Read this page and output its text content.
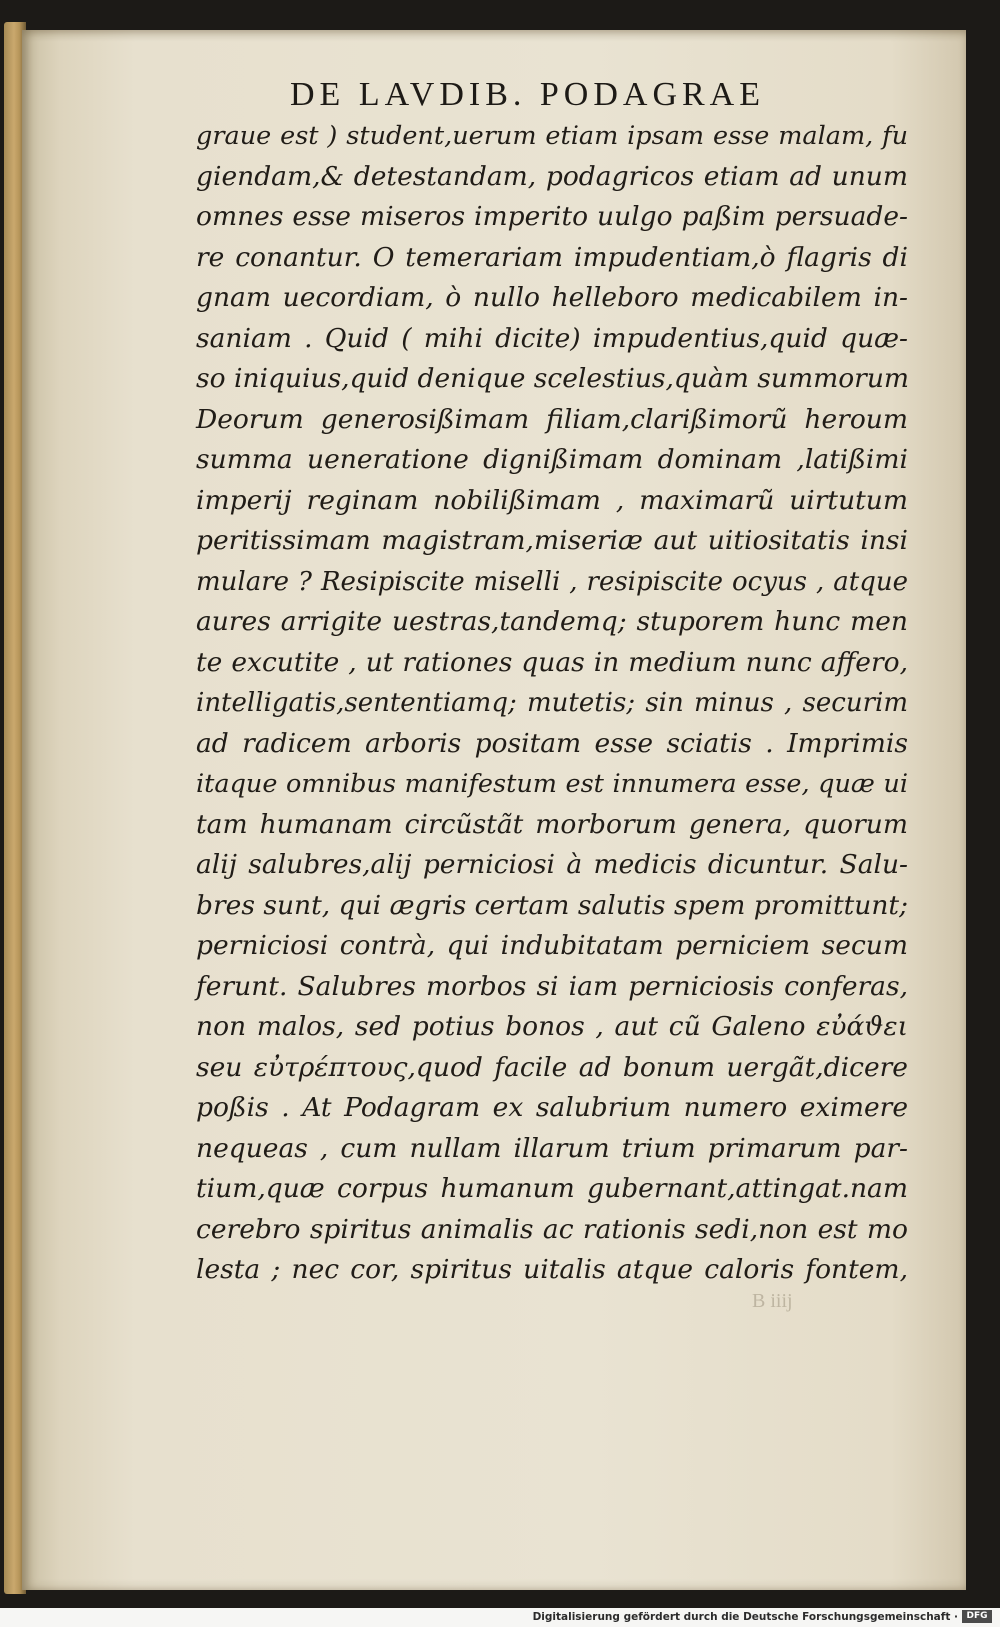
DE LAVDIB. PODAGRAE
graue est ) student,uerum etiam ipsam esse malam, fu
giendam,& detestandam, podagricos etiam ad unum
omnes esse miseros imperito uulgo paßim persuade-
re conantur. O temerariam impudentiam,ò flagris di
gnam uecordiam, ò nullo helleboro medicabilem in-
saniam . Quid ( mihi dicite) impudentius,quid quæ-
so iniquius,quid denique scelestius,quàm summorum
Deorum generosißimam filiam,clarißimorũ heroum
summa ueneratione dignißimam dominam ,latißimi
imperij reginam nobilißimam , maximarũ uirtutum
peritissimam magistram,miseriæ aut uitiositatis insi
mulare ? Resipiscite miselli , resipiscite ocyus , atque
aures arrigite uestras,tandemq; stuporem hunc men
te excutite , ut rationes quas in medium nunc affero,
intelligatis,sententiamq; mutetis; sin minus , securim
ad radicem arboris positam esse sciatis . Imprimis
itaque omnibus manifestum est innumera esse, quæ ui
tam humanam circũstãt morborum genera, quorum
alij salubres,alij perniciosi à medicis dicuntur. Salu-
bres sunt, qui ægris certam salutis spem promittunt;
perniciosi contrà, qui indubitatam perniciem secum
ferunt. Salubres morbos si iam perniciosis conferas,
non malos, sed potius bonos , aut cũ Galeno εὐάϑει
seu εὐτρέπτους,quod facile ad bonum uergãt,dicere
poßis . At Podagram ex salubrium numero eximere
nequeas , cum nullam illarum trium primarum par-
tium,quæ corpus humanum gubernant,attingat.nam
cerebro spiritus animalis ac rationis sedi,non est mo
lesta ; nec cor, spiritus uitalis atque caloris fontem,
B iiij
Digitalisierung gefördert durch die Deutsche Forschungsgemeinschaft · DFG
